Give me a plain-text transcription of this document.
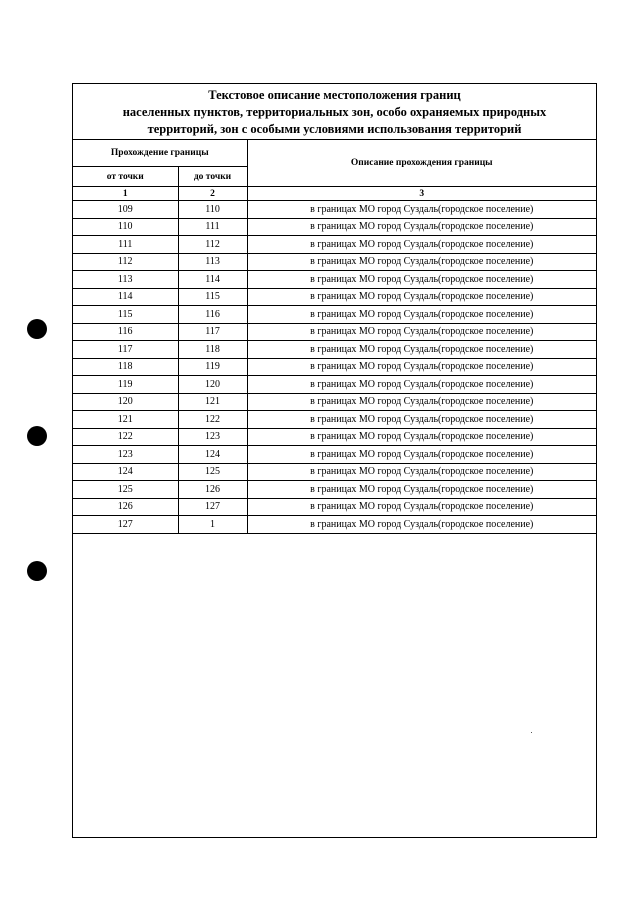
Текстовое описание местоположения границ
населенных пунктов, территориальных зон, особо охраняемых природных
территорий, зон с особыми условиями использования территорий
Прохождение границы		Описание прохождения границы
от точки	до точки	
1	2	3
109	110	в границах МО город Суздаль(городское поселение)
110	111	в границах МО город Суздаль(городское поселение)
111	112	в границах МО город Суздаль(городское поселение)
112	113	в границах МО город Суздаль(городское поселение)
113	114	в границах МО город Суздаль(городское поселение)
114	115	в границах МО город Суздаль(городское поселение)
115	116	в границах МО город Суздаль(городское поселение)
116	117	в границах МО город Суздаль(городское поселение)
117	118	в границах МО город Суздаль(городское поселение)
118	119	в границах МО город Суздаль(городское поселение)
119	120	в границах МО город Суздаль(городское поселение)
120	121	в границах МО город Суздаль(городское поселение)
121	122	в границах МО город Суздаль(городское поселение)
122	123	в границах МО город Суздаль(городское поселение)
123	124	в границах МО город Суздаль(городское поселение)
124	125	в границах МО город Суздаль(городское поселение)
125	126	в границах МО город Суздаль(городское поселение)
126	127	в границах МО город Суздаль(городское поселение)
127	1	в границах МО город Суздаль(городское поселение)
